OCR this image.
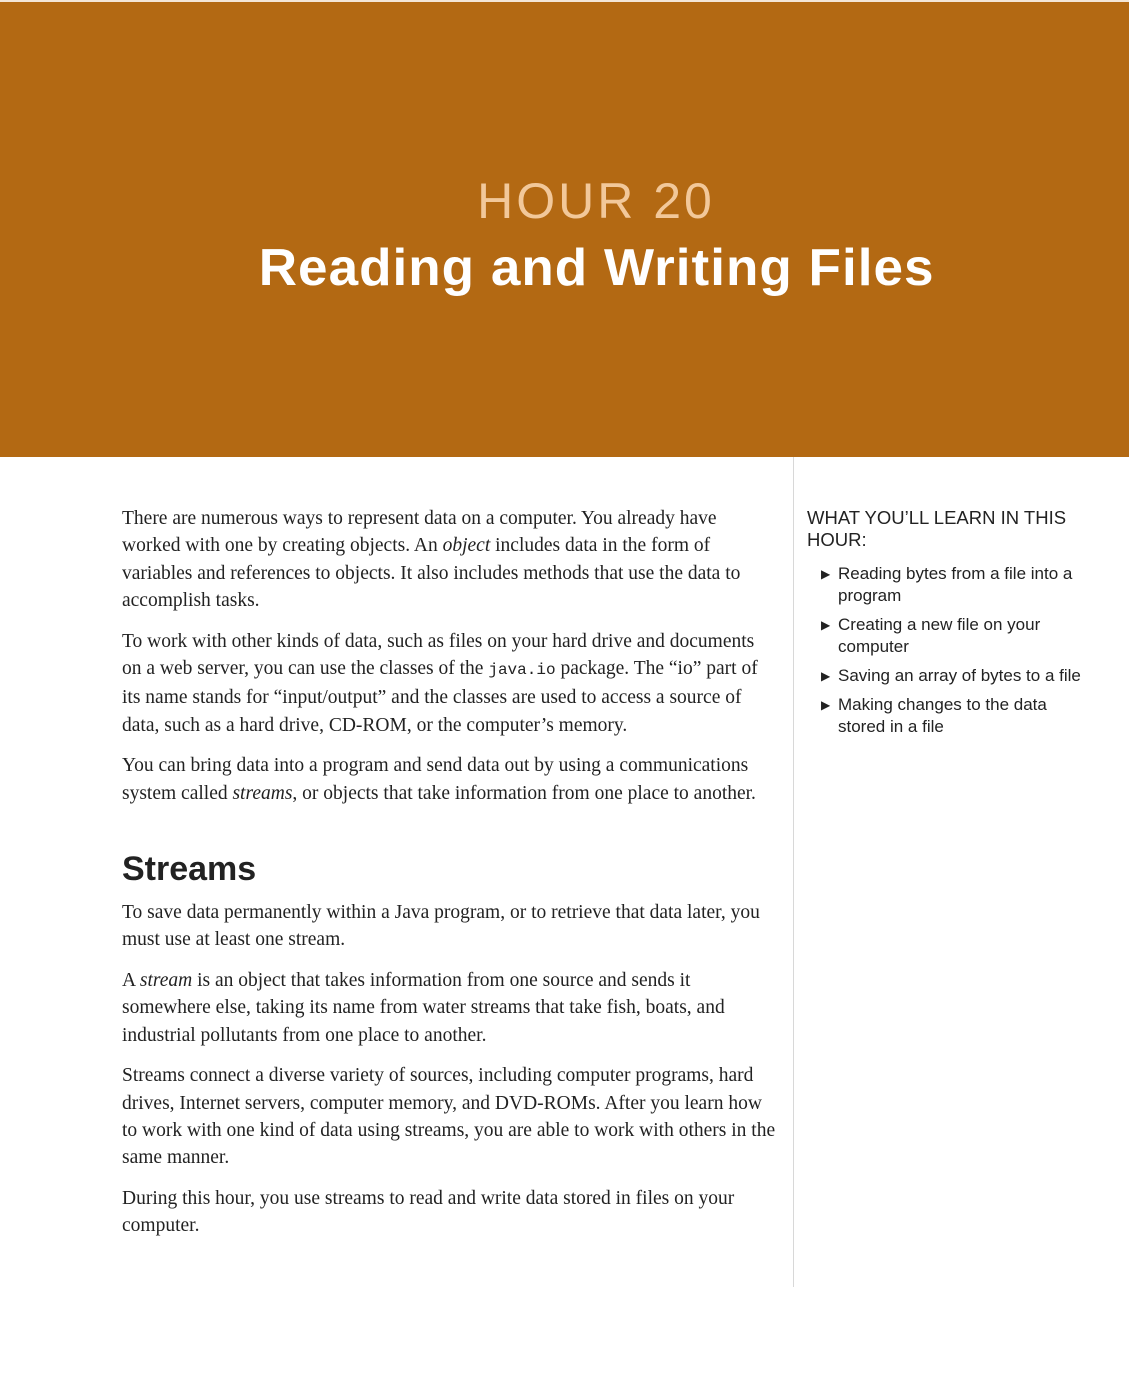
HOUR 20
Reading and Writing Files

There are numerous ways to represent data on a computer. You already have worked with one by creating objects. An object includes data in the form of variables and references to objects. It also includes methods that use the data to accomplish tasks.

To work with other kinds of data, such as files on your hard drive and documents on a web server, you can use the classes of the java.io package. The “io” part of its name stands for “input/output” and the classes are used to access a source of data, such as a hard drive, CD-ROM, or the computer’s memory.

You can bring data into a program and send data out by using a communications system called streams, or objects that take information from one place to another.

Streams

To save data permanently within a Java program, or to retrieve that data later, you must use at least one stream.

A stream is an object that takes information from one source and sends it somewhere else, taking its name from water streams that take fish, boats, and industrial pollutants from one place to another.

Streams connect a diverse variety of sources, including computer programs, hard drives, Internet servers, computer memory, and DVD-ROMs. After you learn how to work with one kind of data using streams, you are able to work with others in the same manner.

During this hour, you use streams to read and write data stored in files on your computer.

WHAT YOU’LL LEARN IN THIS HOUR:
▶ Reading bytes from a file into a program
▶ Creating a new file on your computer
▶ Saving an array of bytes to a file
▶ Making changes to the data stored in a file
